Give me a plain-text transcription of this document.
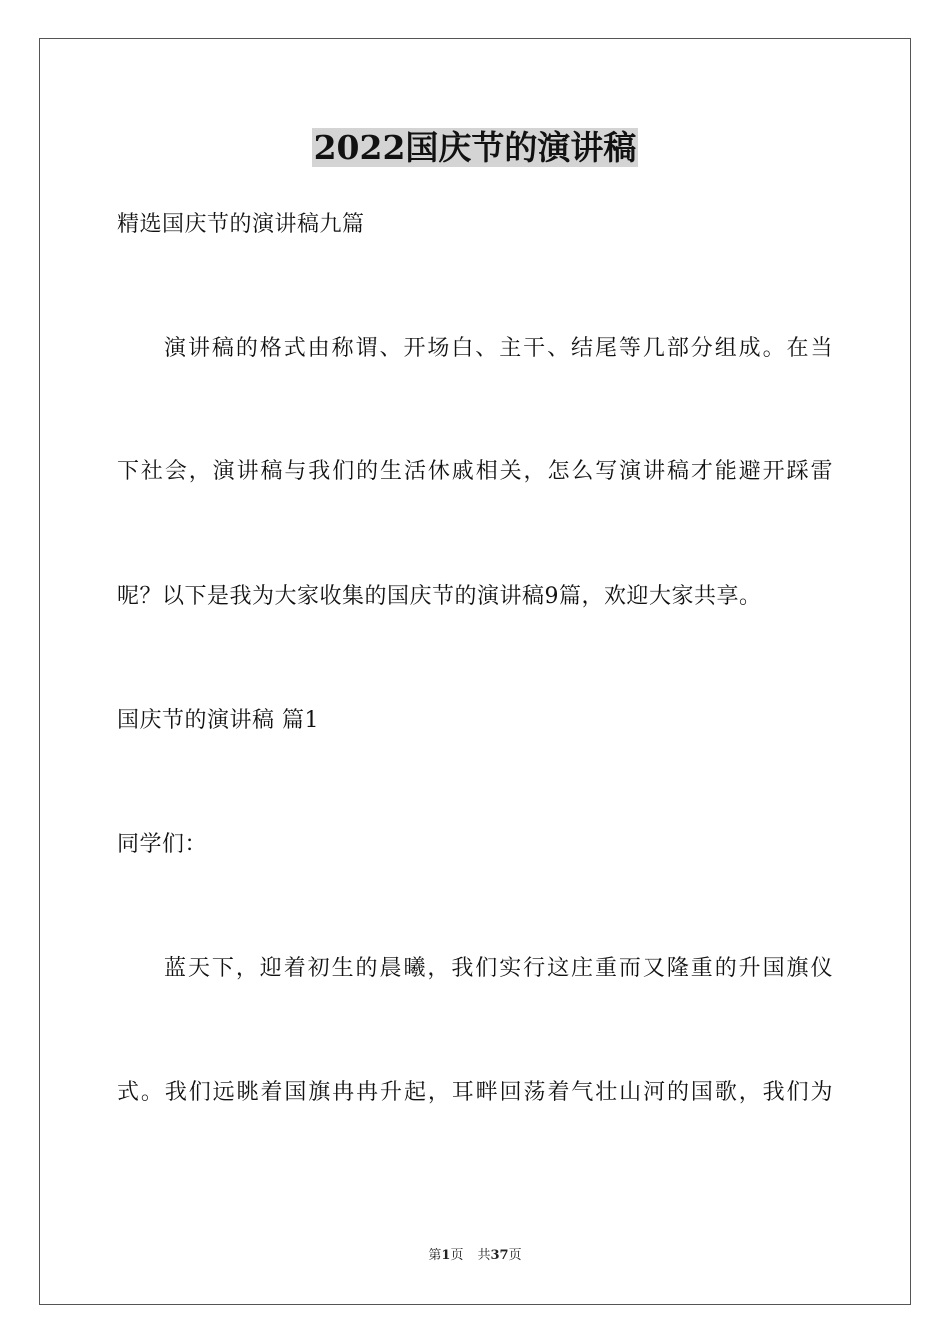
2022国庆节的演讲稿
精选国庆节的演讲稿九篇
演讲稿的格式由称谓、开场白、主干、结尾等几部分组成。在当
下社会，演讲稿与我们的生活休戚相关，怎么写演讲稿才能避开踩雷
呢？以下是我为大家收集的国庆节的演讲稿9篇，欢迎大家共享。
国庆节的演讲稿 篇1
同学们：
蓝天下，迎着初生的晨曦，我们实行这庄重而又隆重的升国旗仪
式。我们远眺着国旗冉冉升起，耳畔回荡着气壮山河的国歌，我们为
第1页 共37页
